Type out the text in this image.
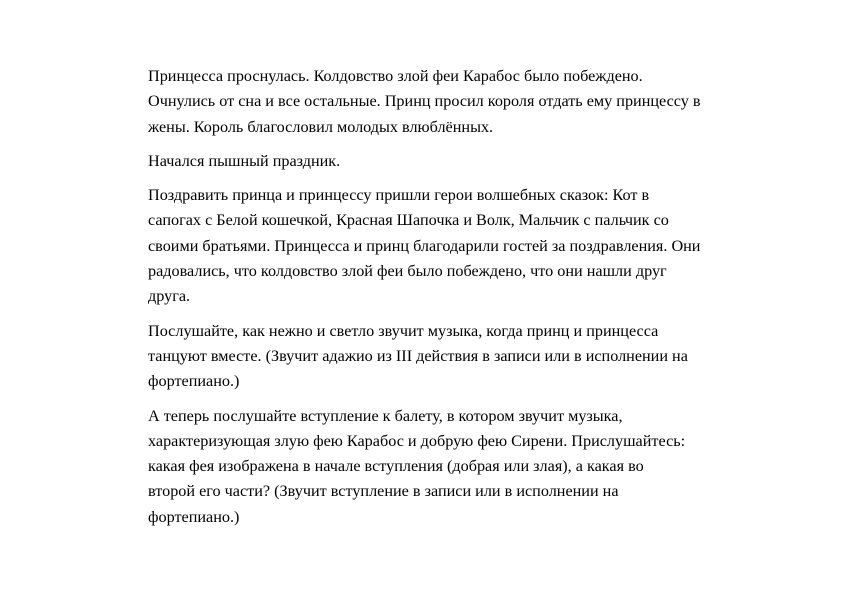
Принцесса проснулась. Колдовство злой феи Карабос было побеждено.
Очнулись от сна и все остальные. Принц просил короля отдать ему принцессу в
жены. Король благословил молодых влюблённых.

Начался пышный праздник.

Поздравить принца и принцессу пришли герои волшебных сказок: Кот в
сапогах с Белой кошечкой, Красная Шапочка и Волк, Мальчик с пальчик со
своими братьями. Принцесса и принц благодарили гостей за поздравления. Они
радовались, что колдовство злой феи было побеждено, что они нашли друг
друга.

Послушайте, как нежно и светло звучит музыка, когда принц и принцесса
танцуют вместе. (Звучит адажио из III действия в записи или в исполнении на
фортепиано.)

А теперь послушайте вступление к балету, в котором звучит музыка,
характеризующая злую фею Карабос и добрую фею Сирени. Прислушайтесь:
какая фея изображена в начале вступления (добрая или злая), а какая во
второй его части? (Звучит вступление в записи или в исполнении на
фортепиано.)
